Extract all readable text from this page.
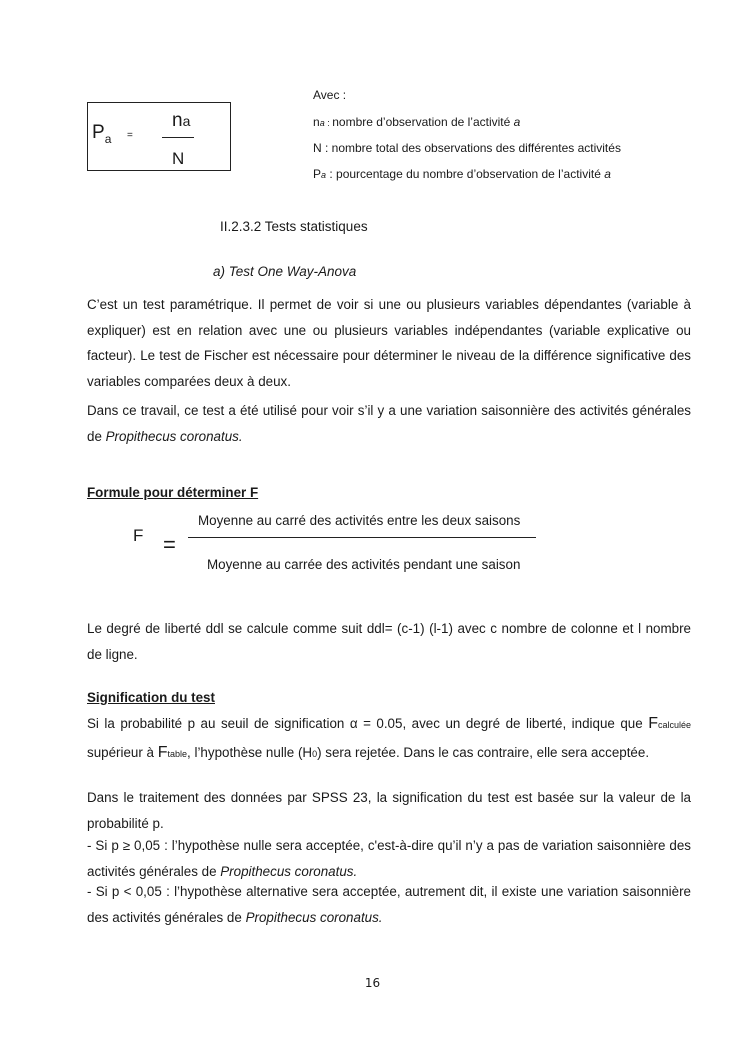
$P_a$ =
na
N
Avec :
na : nombre d’observation de l’activité a
N : nombre total des observations des différentes activités
Pa : pourcentage du nombre d’observation de l’activité a
II.2.3.2 Tests statistiques
a) Test One Way-Anova
C’est un test paramétrique. Il permet de voir si une ou plusieurs variables dépendantes (variable à expliquer) est en relation avec une ou plusieurs variables indépendantes (variable explicative ou facteur). Le test de Fischer est nécessaire pour déterminer le niveau de la différence significative des variables comparées deux à deux.
Dans ce travail, ce test a été utilisé pour voir s’il y a une variation saisonnière des activités générales de Propithecus coronatus.
Formule pour déterminer F
F =
Moyenne au carré des activités entre les deux saisons
Moyenne au carrée des activités pendant une saison
Le degré de liberté ddl se calcule comme suit ddl= (c-1) (l-1) avec c nombre de colonne et l nombre de ligne.
Signification du test
Si la probabilité p au seuil de signification α = 0.05, avec un degré de liberté, indique que Fcalculée supérieur à Ftable, l’hypothèse nulle (H0) sera rejetée. Dans le cas contraire, elle sera acceptée.
Dans le traitement des données par SPSS 23, la signification du test est basée sur la valeur de la probabilité p.
- Si p ≥ 0,05 : l’hypothèse nulle sera acceptée, c'est-à-dire qu’il n’y a pas de variation saisonnière des activités générales de Propithecus coronatus.
- Si p < 0,05 : l’hypothèse alternative sera acceptée, autrement dit, il existe une variation saisonnière des activités générales de Propithecus coronatus.
16
